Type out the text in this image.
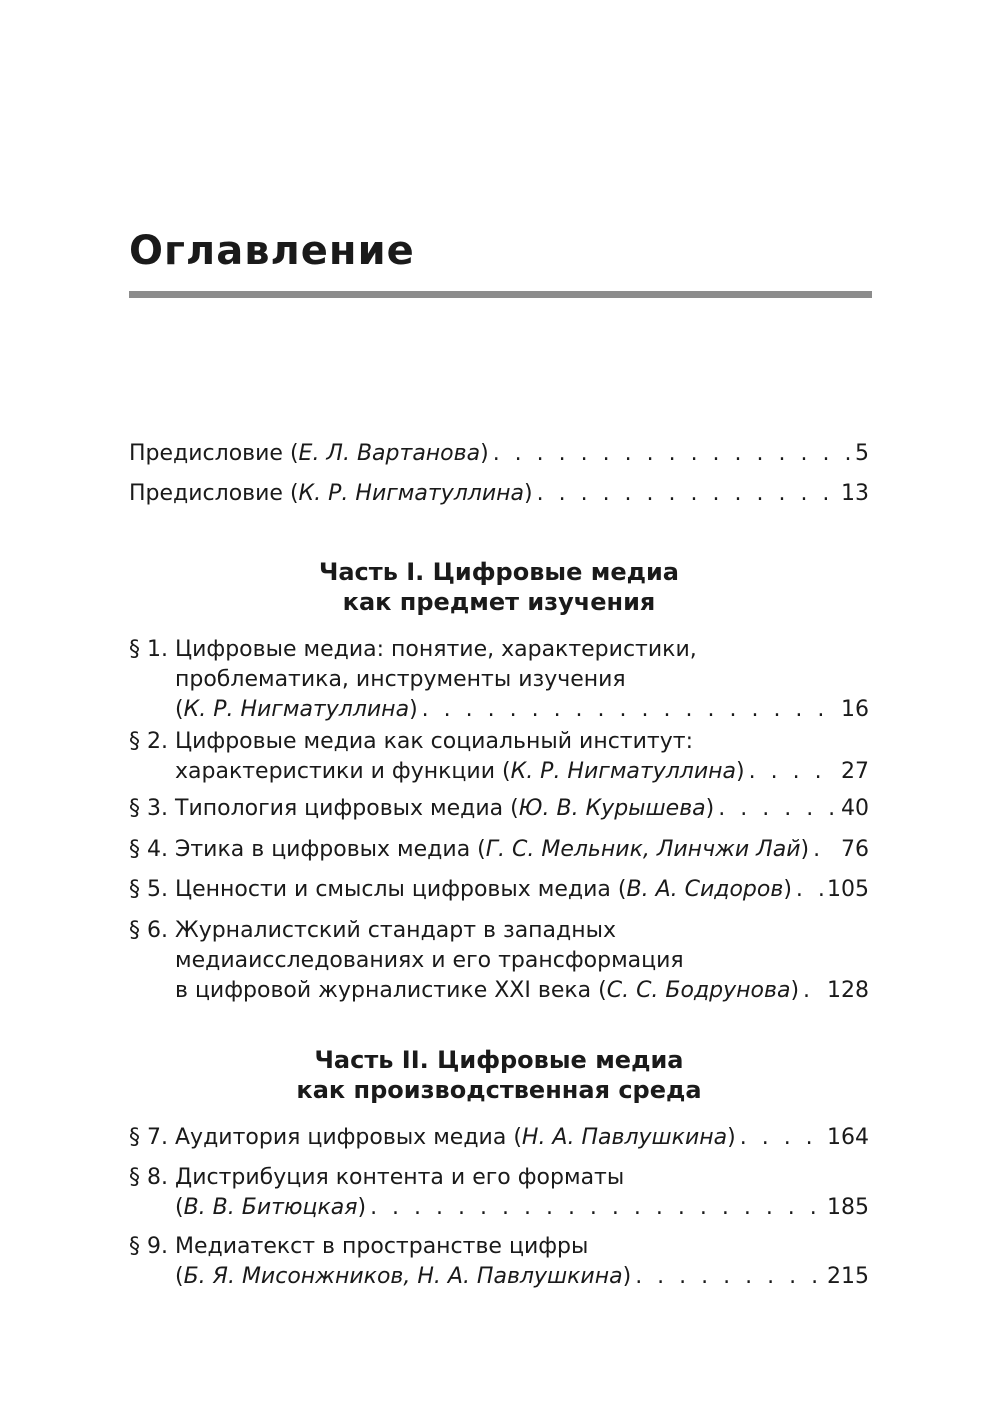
Оглавление
Предисловие (Е. Л. Вартанова) . . .	5
Предисловие (К. Р. Нигматуллина) . . .	13
§ 1. Цифровые медиа: понятие, характеристики,
проблематика, инструменты изучения
(К. Р. Нигматуллина) . . .	16
§ 2. Цифровые медиа как социальный институт:
характеристики и функции (К. Р. Нигматуллина) . . .	27
§ 3. Типология цифровых медиа (Ю. В. Курышева) . . .	40
§ 4. Этика в цифровых медиа (Г. С. Мельник, Линчжи Лай) . . . 76
§ 5. Ценности и смыслы цифровых медиа (В. А. Сидоров) . . . 105
§ 6. Журналистский стандарт в западных
медиаисследованиях и его трансформация
в цифровой журналистике XXI века (С. С. Бодрунова) . . . 128
§ 7. Аудитория цифровых медиа (Н. А. Павлушкина) . . .	164
§ 8. Дистрибуция контента и его форматы
(В. В. Битюцкая) . . .	185
§ 9. Медиатекст в пространстве цифры
(Б. Я. Мисонжников, Н. А. Павлушкина) . . .	215
Часть I. Цифровые медиа
как предмет изучения
Часть II. Цифровые медиа
как производственная среда
